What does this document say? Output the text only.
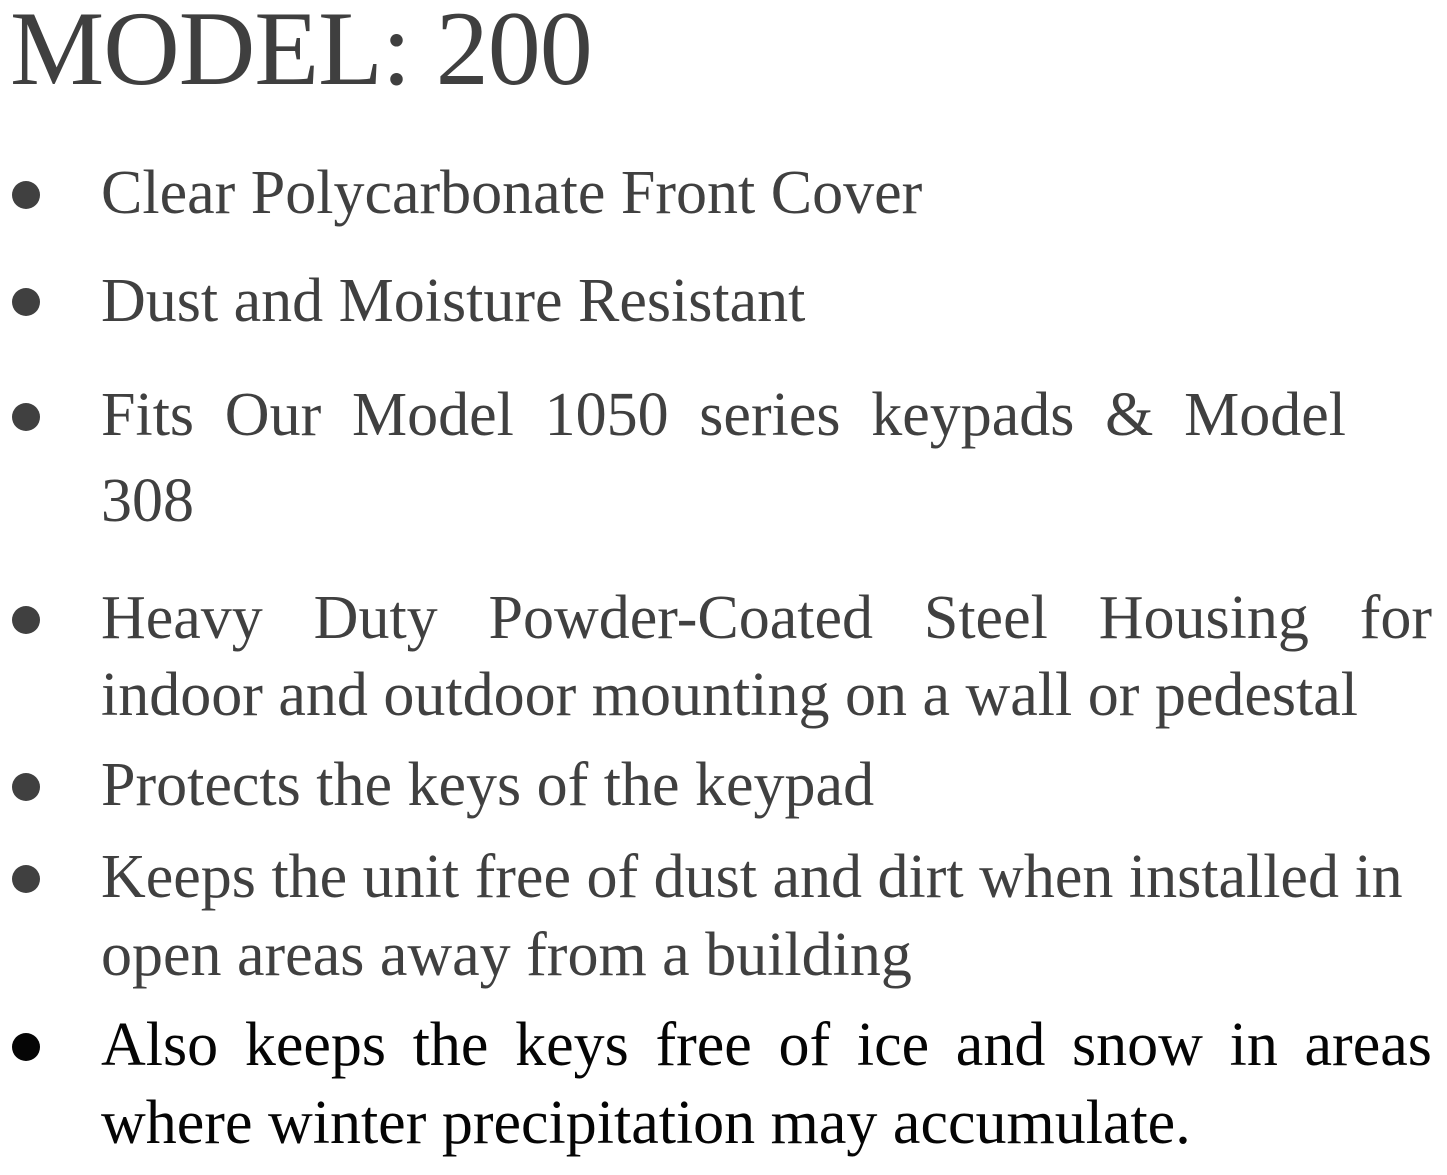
MODEL: 200
Clear Polycarbonate Front Cover
Dust and Moisture Resistant
Fits Our Model 1050 series keypads & Model
308
Heavy Duty Powder-Coated Steel Housing for
indoor and outdoor mounting on a wall or pedestal
Protects the keys of the keypad
Keeps the unit free of dust and dirt when installed in
open areas away from a building
Also keeps the keys free of ice and snow in areas
where winter precipitation may accumulate.
